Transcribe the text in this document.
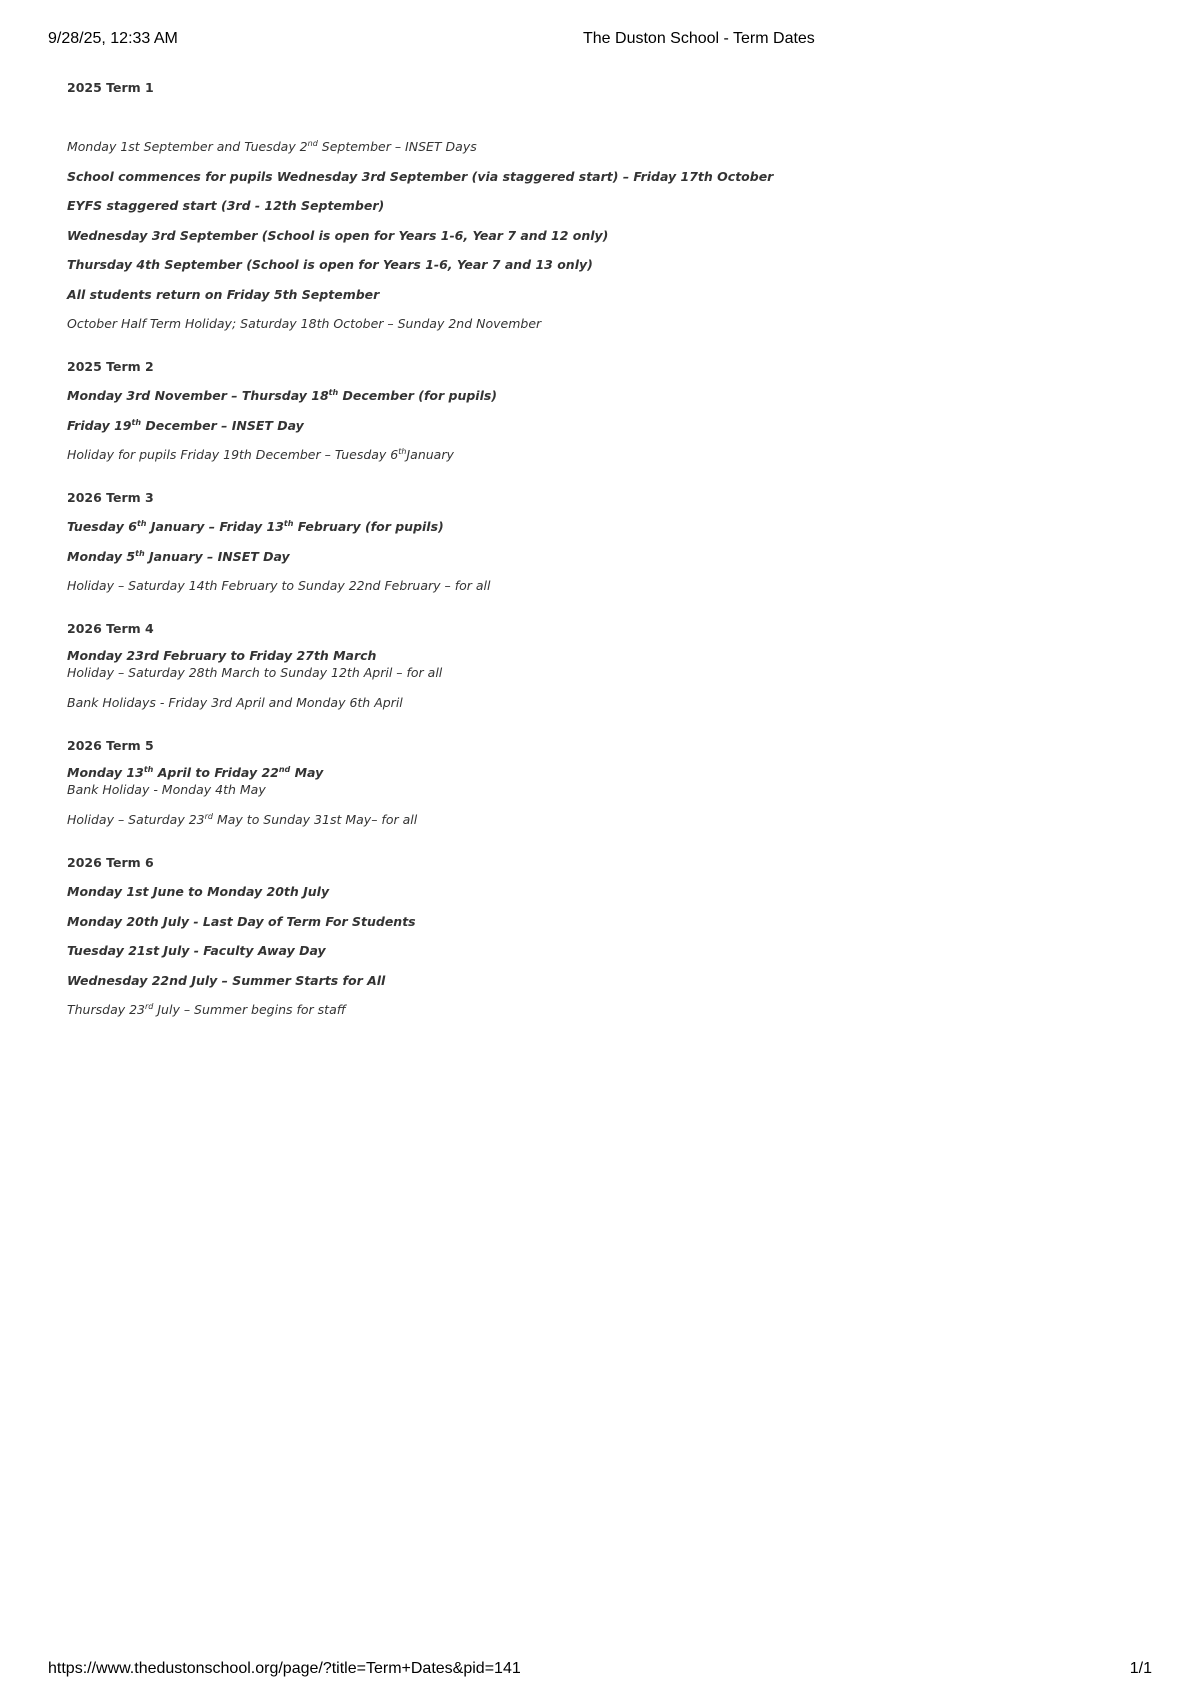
9/28/25, 12:33 AM	The Duston School - Term Dates
2025 Term 1
Monday 1st September and Tuesday 2nd September – INSET Days
School commences for pupils Wednesday 3rd September (via staggered start) – Friday 17th October
EYFS staggered start (3rd - 12th September)
Wednesday 3rd September (School is open for Years 1-6, Year 7 and 12 only)
Thursday 4th September (School is open for Years 1-6, Year 7 and 13 only)
All students return on Friday 5th September
October Half Term Holiday; Saturday 18th October – Sunday 2nd November
2025 Term 2
Monday 3rd November – Thursday 18th December (for pupils)
Friday 19th December – INSET Day
Holiday for pupils Friday 19th December – Tuesday 6thJanuary
2026 Term 3
Tuesday 6th January – Friday 13th February (for pupils)
Monday 5th January – INSET Day
Holiday – Saturday 14th February to Sunday 22nd February – for all
2026 Term 4
Monday 23rd February to Friday 27th March
Holiday – Saturday 28th March to Sunday 12th April – for all
Bank Holidays - Friday 3rd April and Monday 6th April
2026 Term 5
Monday 13th April to Friday 22nd May
Bank Holiday - Monday 4th May
Holiday – Saturday 23rd May to Sunday 31st May– for all
2026 Term 6
Monday 1st June to Monday 20th July
Monday 20th July - Last Day of Term For Students
Tuesday 21st July - Faculty Away Day
Wednesday 22nd July – Summer Starts for All
Thursday 23rd July – Summer begins for staff
https://www.thedustonschool.org/page/?title=Term+Dates&pid=141	1/1
